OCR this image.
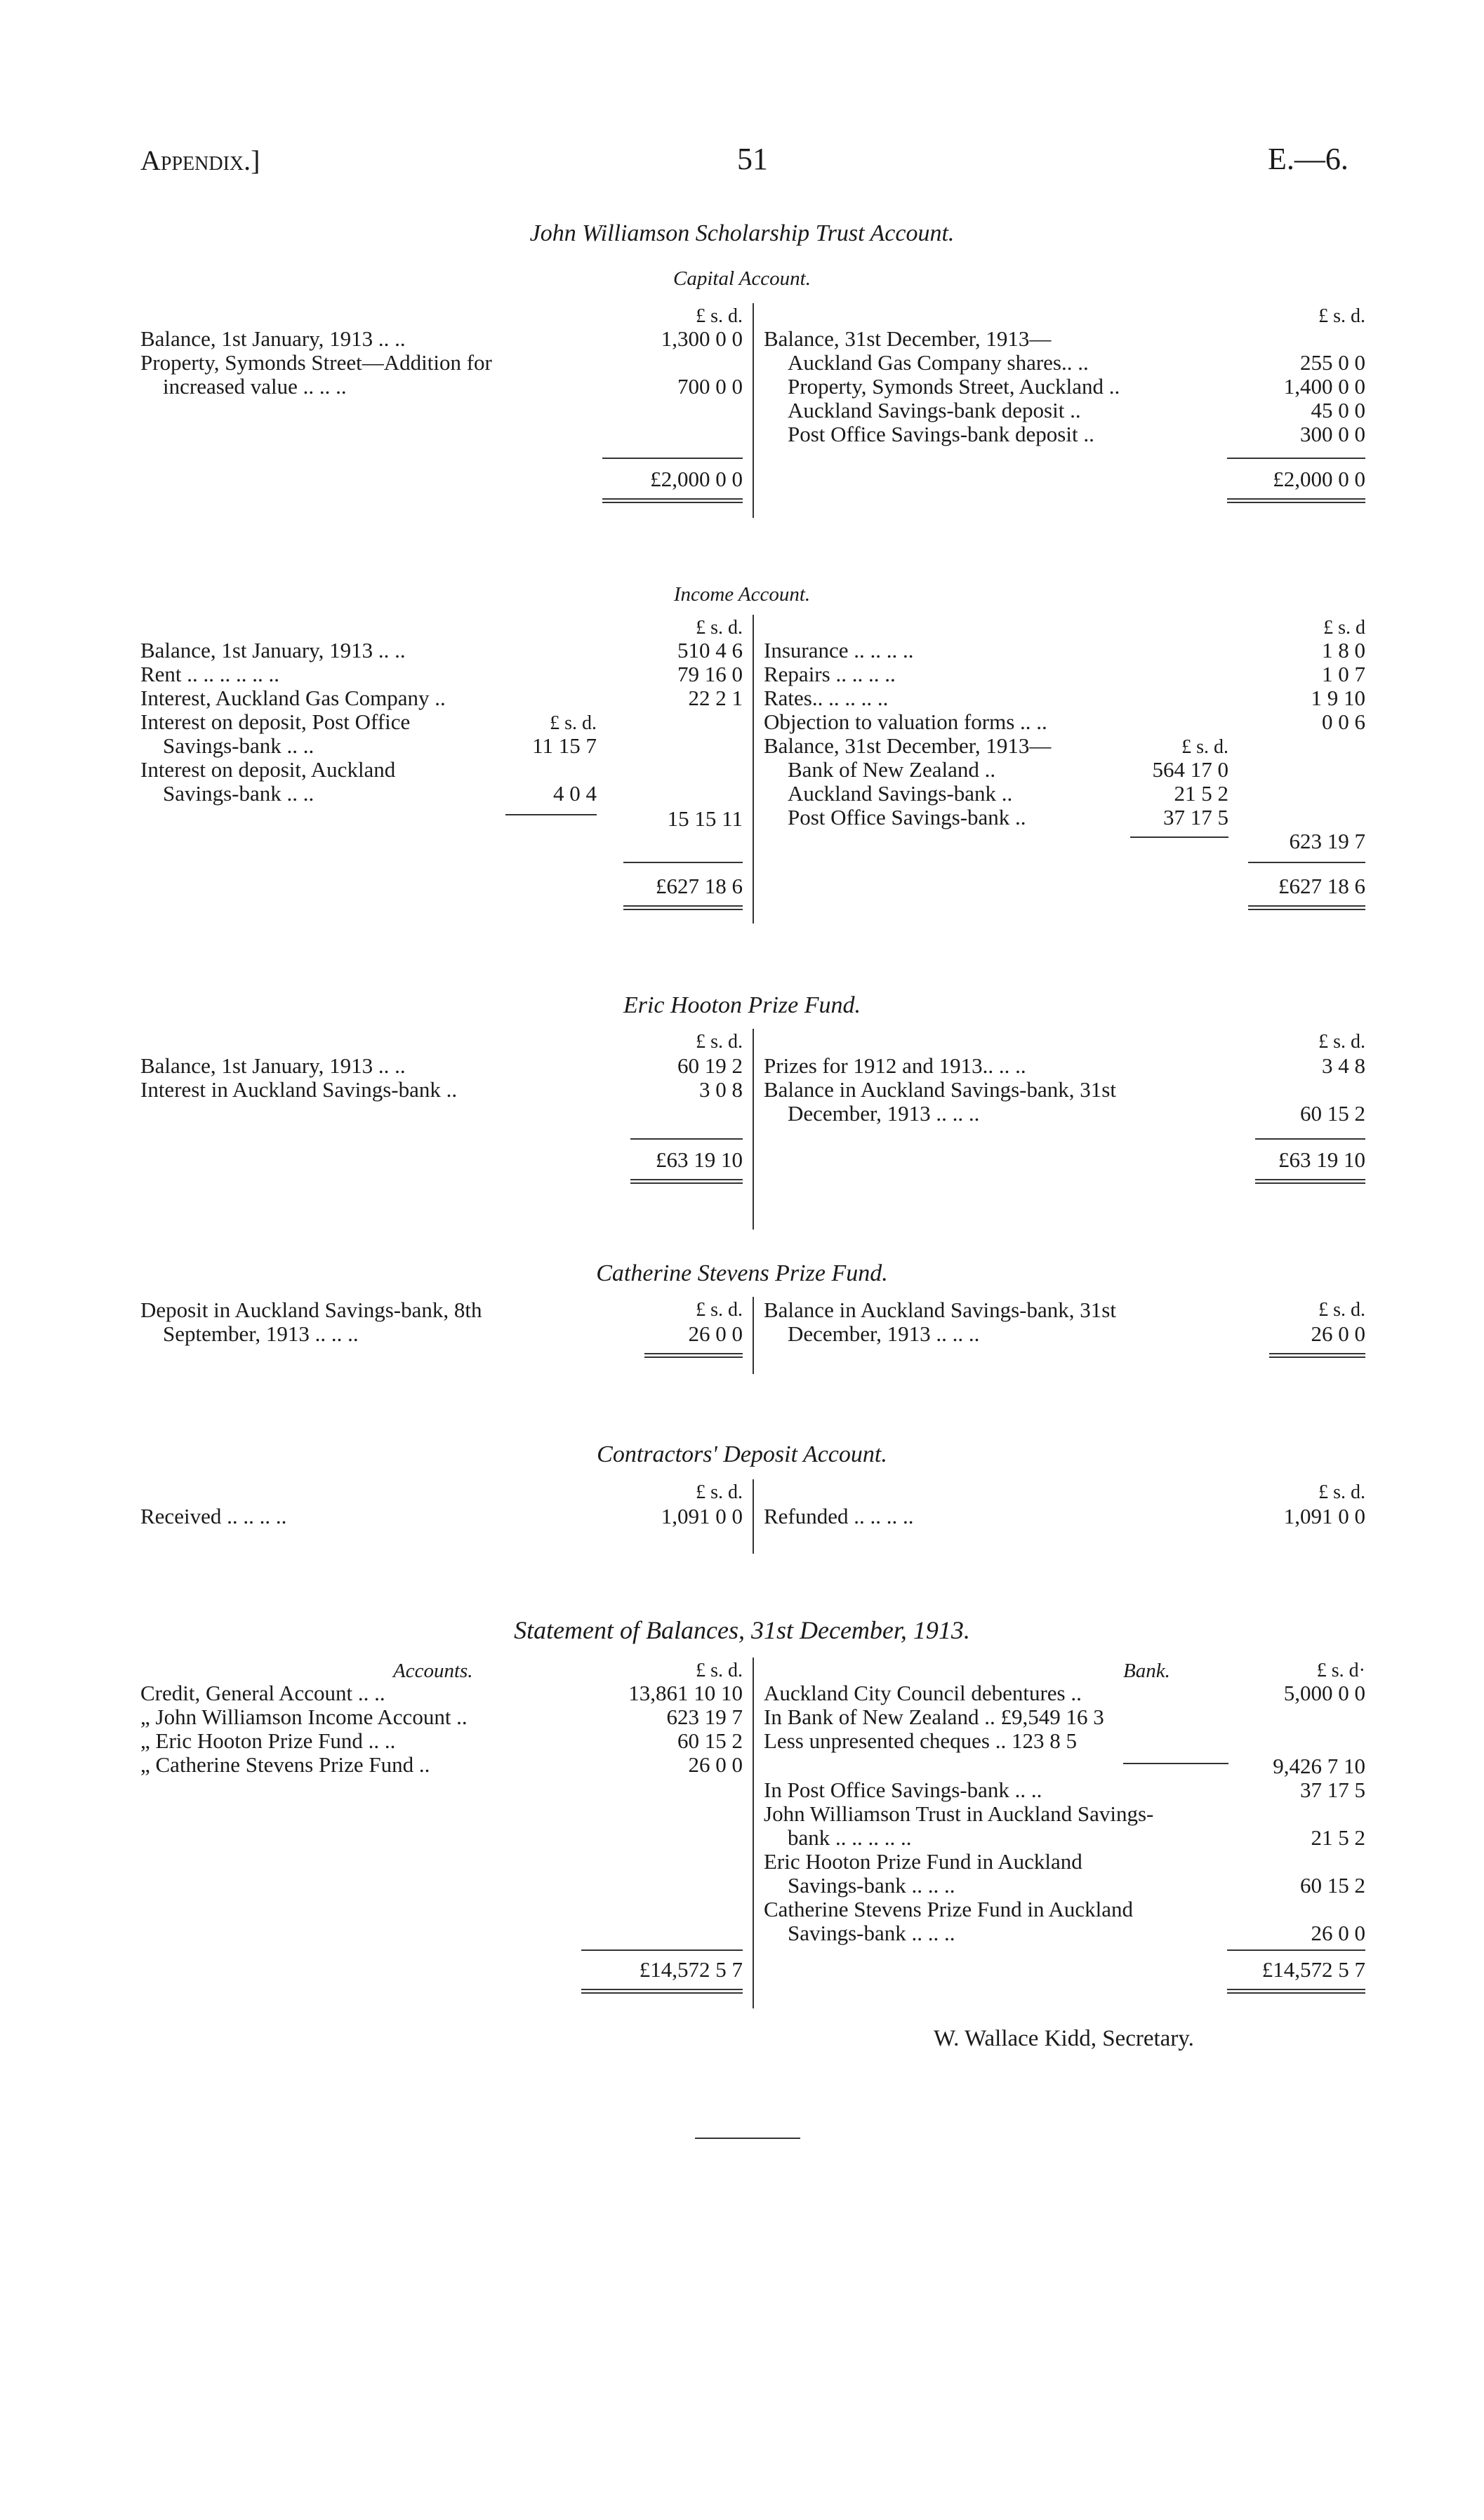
Appendix.]	51	E.—6.
John Williamson Scholarship Trust Account.
Capital Account.
£ s. d.	£ s. d.
Balance, 1st January, 1913 .. ..	1,300 0 0
Property, Symonds Street—Addition for
increased value .. .. ..	700 0 0
Balance, 31st December, 1913—
Auckland Gas Company shares.. ..	255 0 0
Property, Symonds Street, Auckland ..	1,400 0 0
Auckland Savings-bank deposit ..	45 0 0
Post Office Savings-bank deposit ..	300 0 0
£2,000 0 0	£2,000 0 0
Income Account.
£ s. d.	£ s. d
Balance, 1st January, 1913 .. ..	510 4 6
Rent .. .. .. .. .. ..	79 16 0
Interest, Auckland Gas Company ..	22 2 1
Interest on deposit, Post Office	£ s. d.
Savings-bank .. ..	11 15 7
Interest on deposit, Auckland
Savings-bank .. ..	4 0 4
15 15 11
Insurance .. .. .. ..	1 8 0
Repairs .. .. .. ..	1 0 7
Rates.. .. .. .. ..	1 9 10
Objection to valuation forms .. ..	0 0 6
Balance, 31st December, 1913—	£ s. d.
Bank of New Zealand ..	564 17 0
Auckland Savings-bank ..	21 5 2
Post Office Savings-bank ..	37 17 5
623 19 7
£627 18 6	£627 18 6
Eric Hooton Prize Fund.
£ s. d.	£ s. d.
Balance, 1st January, 1913 .. ..	60 19 2
Interest in Auckland Savings-bank ..	3 0 8
Prizes for 1912 and 1913.. .. ..	3 4 8
Balance in Auckland Savings-bank, 31st
December, 1913 .. .. ..	60 15 2
£63 19 10	£63 19 10
Catherine Stevens Prize Fund.
£ s. d.	£ s. d.
Deposit in Auckland Savings-bank, 8th
September, 1913 .. .. ..	26 0 0
Balance in Auckland Savings-bank, 31st
December, 1913 .. .. ..	26 0 0
Contractors' Deposit Account.
£ s. d.	£ s. d.
Received .. .. .. ..	1,091 0 0 Refunded .. .. .. ..	1,091 0 0
Statement of Balances, 31st December, 1913.
Accounts.	£ s. d.	Bank.	£ s. d·
Credit, General Account .. ..	13,861 10 10
„ John Williamson Income Account ..	623 19 7
„ Eric Hooton Prize Fund .. ..	60 15 2
„ Catherine Stevens Prize Fund ..	26 0 0
Auckland City Council debentures ..	5,000 0 0
In Bank of New Zealand .. £9,549 16 3
Less unpresented cheques .. 123 8 5
9,426 7 10
In Post Office Savings-bank .. ..	37 17 5
John Williamson Trust in Auckland Savings-
bank .. .. .. .. ..	21 5 2
Eric Hooton Prize Fund in Auckland
Savings-bank .. .. ..	60 15 2
Catherine Stevens Prize Fund in Auckland
Savings-bank .. .. ..	26 0 0
£14,572 5 7	£14,572 5 7
W. Wallace Kidd, Secretary.
